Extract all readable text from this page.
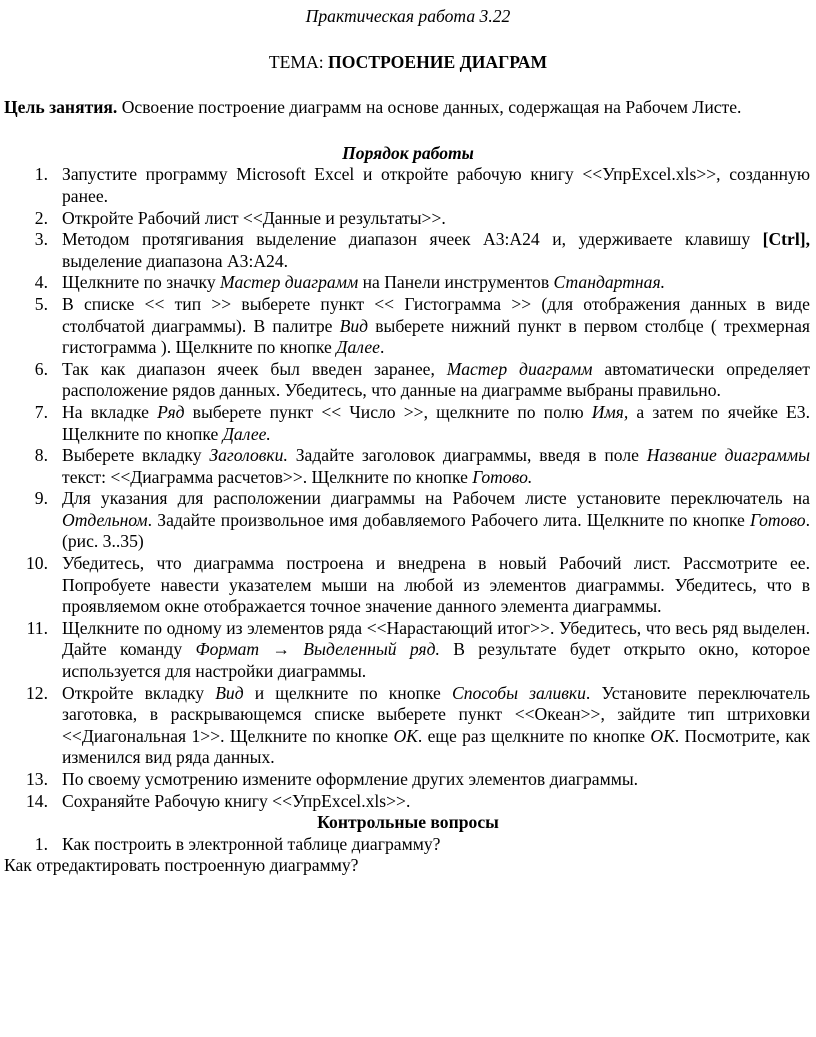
Практическая работа 3.22
ТЕМА: ПОСТРОЕНИЕ ДИАГРАМ
Цель занятия. Освоение построение диаграмм на основе данных, содержащая на Рабочем Листе.
Порядок работы
1. Запустите программу Microsoft Excel и откройте рабочую книгу <<УпрExcel.xls>>, созданную ранее.
2. Откройте Рабочий лист <<Данные и результаты>>.
3. Методом протягивания выделение диапазон ячеек А3:А24 и, удерживаете клавишу [Ctrl], выделение диапазона А3:А24.
4. Щелкните по значку Мастер диаграмм на Панели инструментов Стандартная.
5. В списке << тип >> выберете пункт << Гистограмма >> (для отображения данных в виде столбчатой диаграммы). В палитре Вид выберете нижний пункт в первом столбце ( трехмерная гистограмма ). Щелкните по кнопке Далее.
6. Так как диапазон ячеек был введен заранее, Мастер диаграмм автоматически определяет расположение рядов данных. Убедитесь, что данные на диаграмме выбраны правильно.
7. На вкладке Ряд выберете пункт << Число >>, щелкните по полю Имя, а затем по ячейке Е3. Щелкните по кнопке Далее.
8. Выберете вкладку Заголовки. Задайте заголовок диаграммы, введя в поле Название диаграммы текст: <<Диаграмма расчетов>>. Щелкните по кнопке Готово.
9. Для указания для расположении диаграммы на Рабочем листе установите переключатель на Отдельном. Задайте произвольное имя добавляемого Рабочего лита. Щелкните по кнопке Готово.(рис. 3..35)
10. Убедитесь, что диаграмма построена и внедрена в новый Рабочий лист. Рассмотрите ее. Попробуете навести указателем мыши на любой из элементов диаграммы. Убедитесь, что в проявляемом окне отображается точное значение данного элемента диаграммы.
11. Щелкните по одному из элементов ряда <<Нарастающий итог>>. Убедитесь, что весь ряд выделен. Дайте команду Формат → Выделенный ряд. В результате будет открыто окно, которое используется для настройки диаграммы.
12. Откройте вкладку Вид и щелкните по кнопке Способы заливки. Установите переключатель заготовка, в раскрывающемся списке выберете пункт <<Океан>>, зайдите тип штриховки <<Диагональная 1>>. Щелкните по кнопке ОК. еще раз щелкните по кнопке ОК. Посмотрите, как изменился вид ряда данных.
13. По своему усмотрению измените оформление других элементов диаграммы.
14. Сохраняйте Рабочую книгу <<УпрExcel.xls>>.
Контрольные вопросы
1. Как построить в электронной таблице диаграмму?

Как отредактировать построенную диаграмму?
